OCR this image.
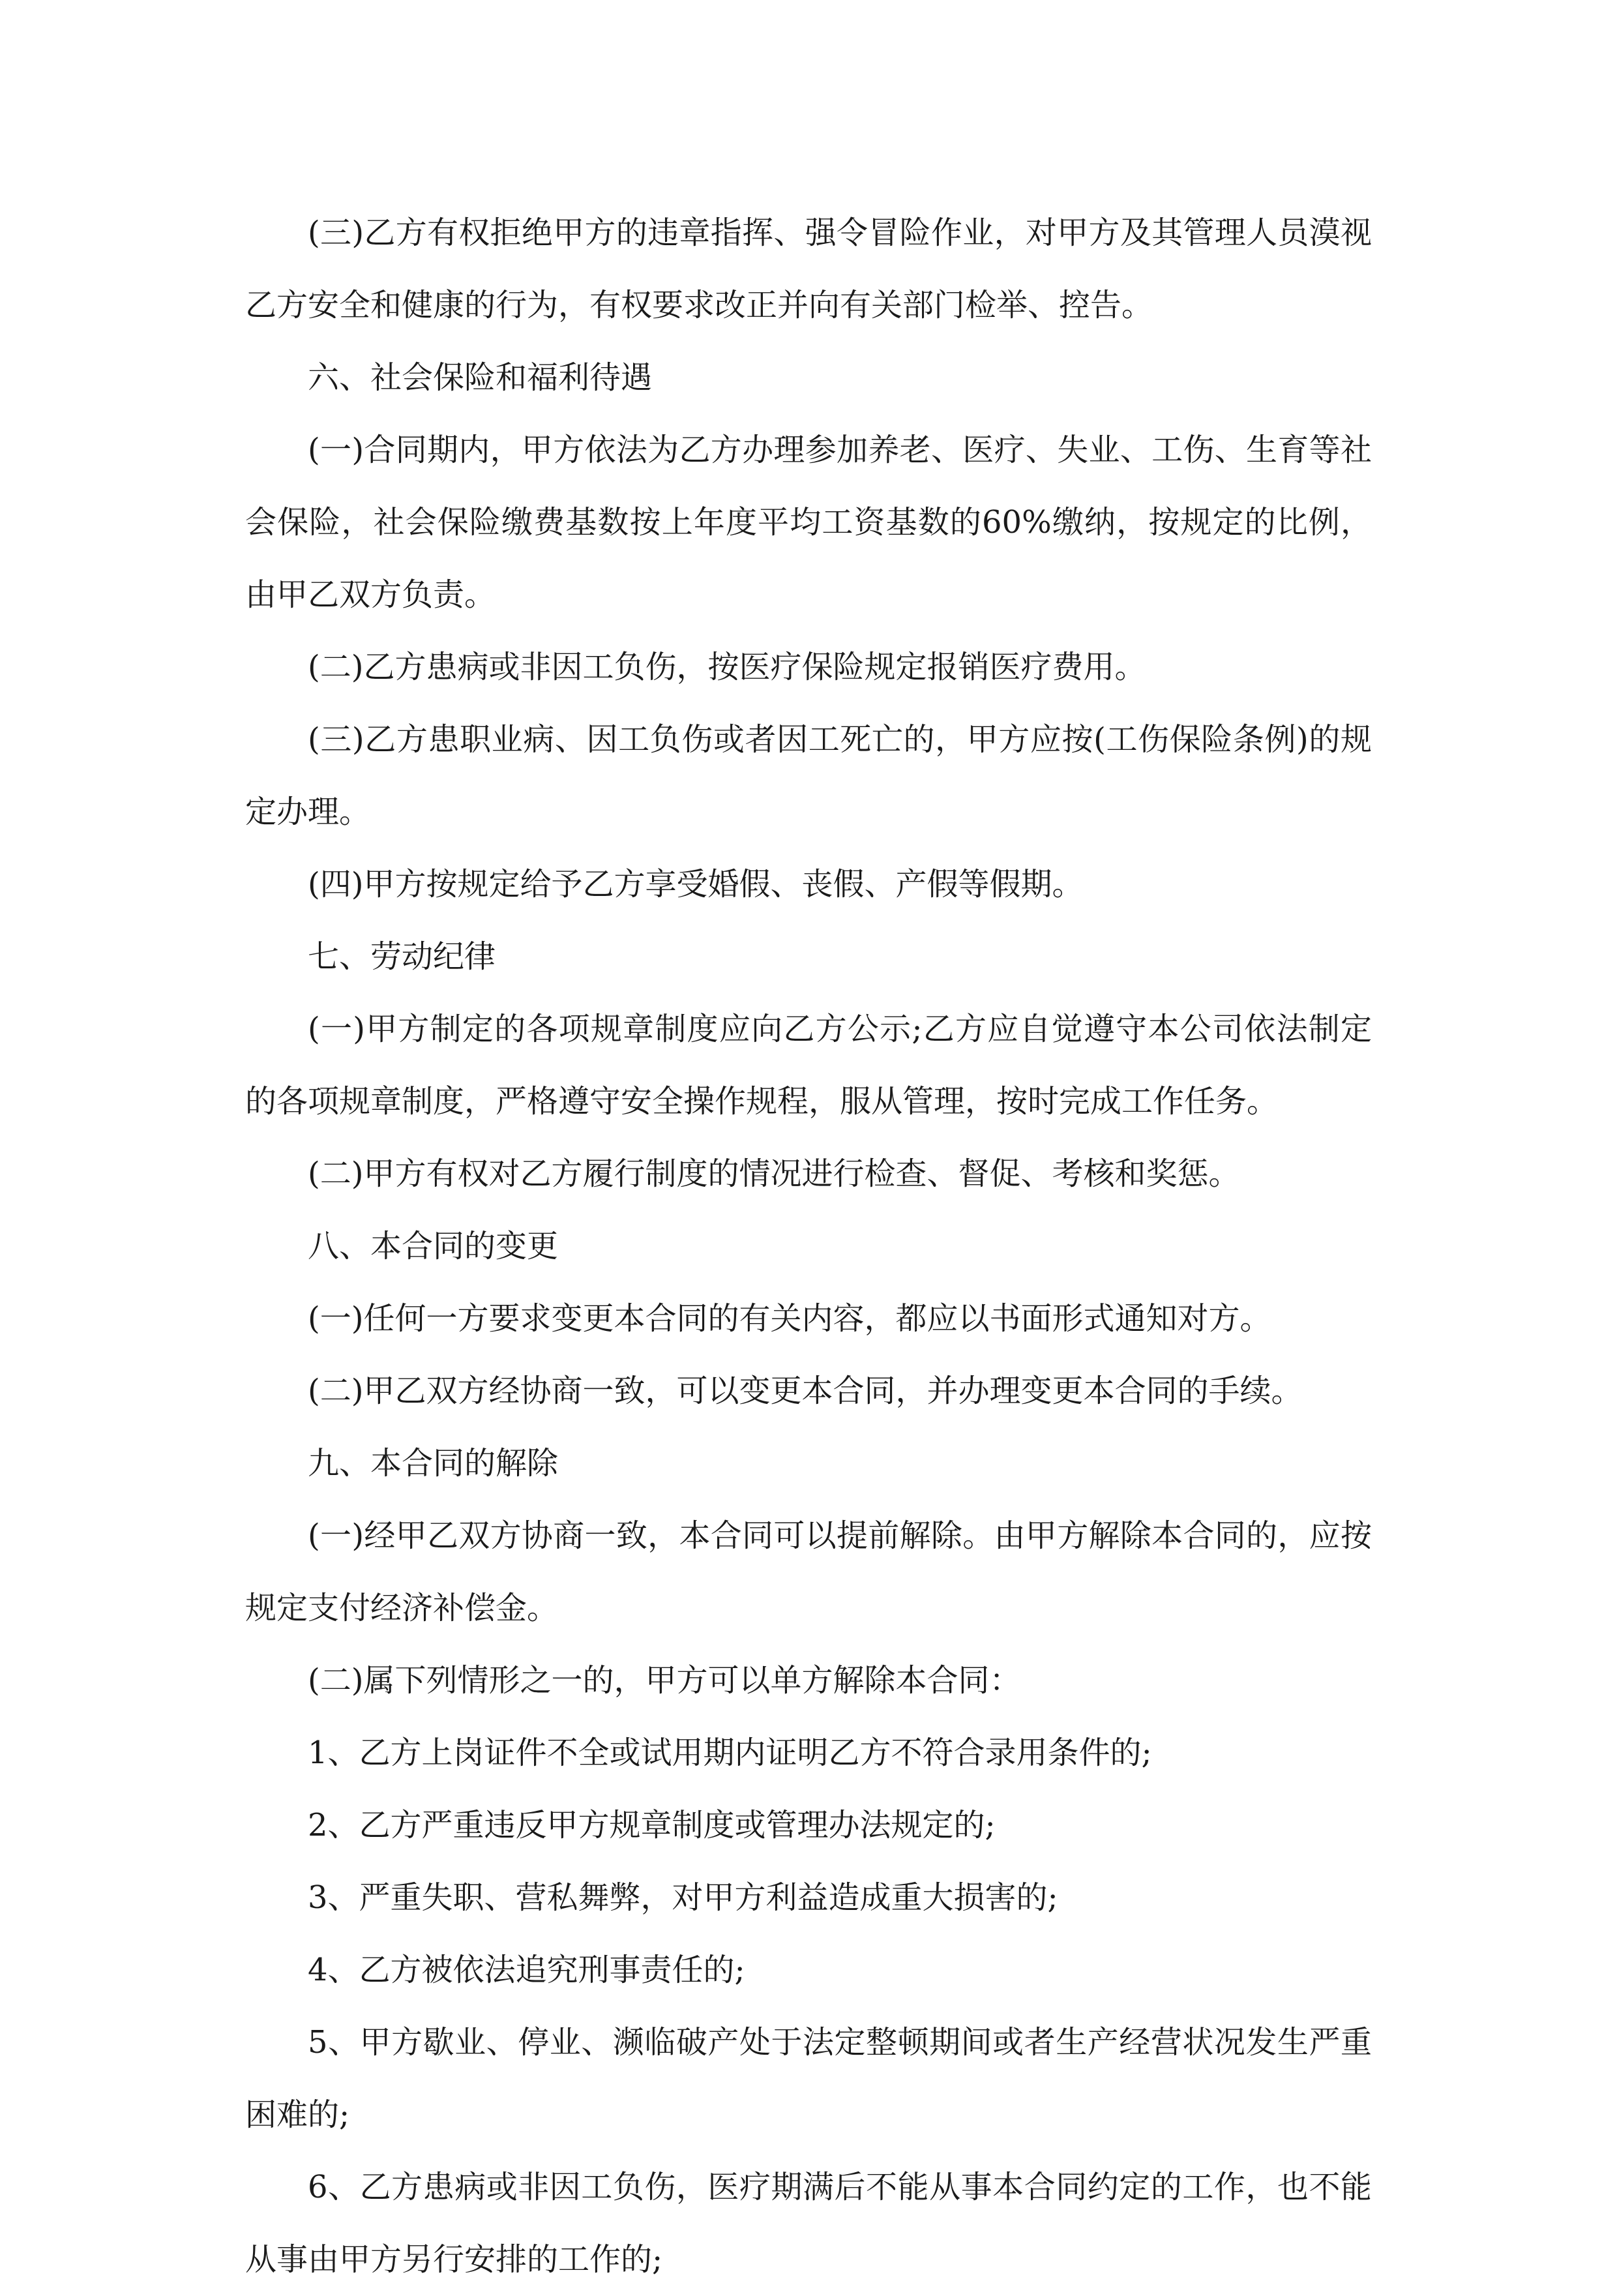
(三)乙方有权拒绝甲方的违章指挥、强令冒险作业，对甲方及其管理人员漠视乙方安全和健康的行为，有权要求改正并向有关部门检举、控告。

六、社会保险和福利待遇

(一)合同期内，甲方依法为乙方办理参加养老、医疗、失业、工伤、生育等社会保险，社会保险缴费基数按上年度平均工资基数的60%缴纳，按规定的比例，由甲乙双方负责。

(二)乙方患病或非因工负伤，按医疗保险规定报销医疗费用。

(三)乙方患职业病、因工负伤或者因工死亡的，甲方应按(工伤保险条例)的规定办理。

(四)甲方按规定给予乙方享受婚假、丧假、产假等假期。

七、劳动纪律

(一)甲方制定的各项规章制度应向乙方公示;乙方应自觉遵守本公司依法制定的各项规章制度，严格遵守安全操作规程，服从管理，按时完成工作任务。

(二)甲方有权对乙方履行制度的情况进行检查、督促、考核和奖惩。

八、本合同的变更

(一)任何一方要求变更本合同的有关内容，都应以书面形式通知对方。

(二)甲乙双方经协商一致，可以变更本合同，并办理变更本合同的手续。

九、本合同的解除

(一)经甲乙双方协商一致，本合同可以提前解除。由甲方解除本合同的，应按规定支付经济补偿金。

(二)属下列情形之一的，甲方可以单方解除本合同：

1、乙方上岗证件不全或试用期内证明乙方不符合录用条件的;

2、乙方严重违反甲方规章制度或管理办法规定的;

3、严重失职、营私舞弊，对甲方利益造成重大损害的;

4、乙方被依法追究刑事责任的;

5、甲方歇业、停业、濒临破产处于法定整顿期间或者生产经营状况发生严重困难的;

6、乙方患病或非因工负伤，医疗期满后不能从事本合同约定的工作，也不能从事由甲方另行安排的工作的;
